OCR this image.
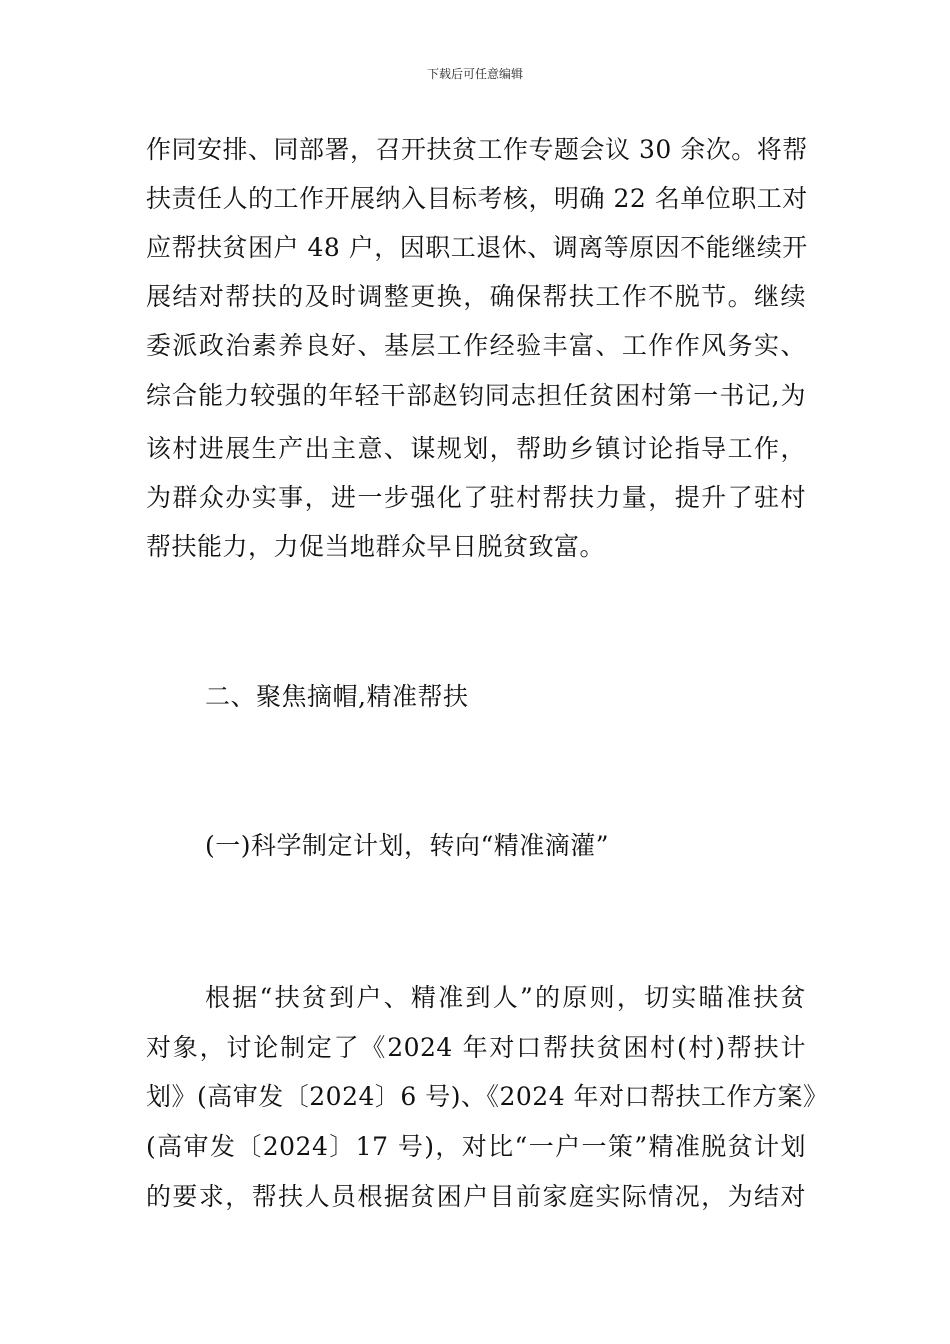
下载后可任意编辑
作同安排、同部署，召开扶贫工作专题会议 30 余次。将帮
扶责任人的工作开展纳入目标考核，明确 22 名单位职工对
应帮扶贫困户 48 户，因职工退休、调离等原因不能继续开
展结对帮扶的及时调整更换，确保帮扶工作不脱节。继续
委派政治素养良好、基层工作经验丰富、工作作风务实、
综合能力较强的年轻干部赵钧同志担任贫困村第一书记,为
该村进展生产出主意、谋规划，帮助乡镇讨论指导工作，
为群众办实事，进一步强化了驻村帮扶力量，提升了驻村
帮扶能力，力促当地群众早日脱贫致富。
二、聚焦摘帽,精准帮扶
(一)科学制定计划，转向“精准滴灌”
根据“扶贫到户、精准到人”的原则，切实瞄准扶贫
对象，讨论制定了《2024 年对口帮扶贫困村(村)帮扶计
划》(高审发〔2024〕6 号)、《2024 年对口帮扶工作方案》
(高审发〔2024〕17 号)，对比“一户一策”精准脱贫计划
的要求，帮扶人员根据贫困户目前家庭实际情况，为结对
